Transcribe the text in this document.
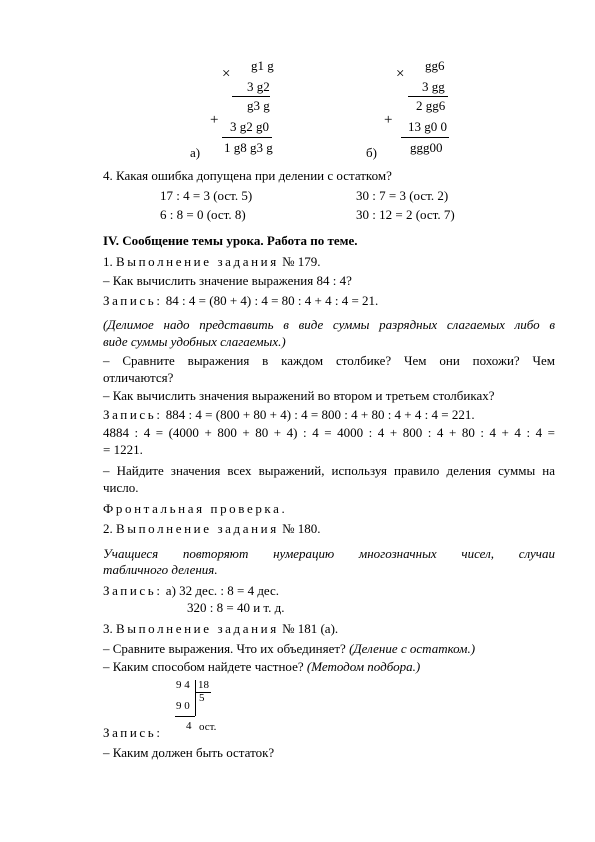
×
g1 g
3 g2
g3 g
+ 3 g2 g0
а) 1 g8 g3 g
×
gg6
3 gg
2 gg6
+ 13 g0 0
б)	ggg00
4. Какая ошибка допущена при делении с остатком?
17 : 4 = 3 (ост. 5)
6 : 8 = 0 (ост. 8)
30 : 7 = 3 (ост. 2)
30 : 12 = 2 (ост. 7)
IV. Сообщение темы урока. Работа по теме.
1. Выполнение задания № 179.
– Как вычислить значение выражения 84 : 4?
Запись: 84 : 4 = (80 + 4) : 4 = 80 : 4 + 4 : 4 = 21.
(Делимое надо представить в виде суммы разрядных слагаемых либо в
виде суммы удобных слагаемых.)
– Сравните выражения в каждом столбике? Чем они похожи? Чем
отличаются?
– Как вычислить значения выражений во втором и третьем столбиках?
Запись: 884 : 4 = (800 + 80 + 4) : 4 = 800 : 4 + 80 : 4 + 4 : 4 = 221.
4884 : 4 = (4000 + 800 + 80 + 4) : 4 = 4000 : 4 + 800 : 4 + 80 : 4 + 4 : 4 =
= 1221.
– Найдите значения всех выражений, используя правило деления суммы на
число.
Фронтальная проверка.
2. Выполнение задания № 180.
Учащиеся повторяют нумерацию многозначных чисел, случаи
табличного деления.
Запись: а) 32 дес. : 8 = 4 дес.
320 : 8 = 40 и т. д.
3. Выполнение задания № 181 (а).
– Сравните выражения. Что их объединяет? (Деление с остатком.)
– Каким способом найдете частное? (Методом подбора.)
9 4 18
5
9 0
4 ост.
Запись:
– Каким должен быть остаток?
